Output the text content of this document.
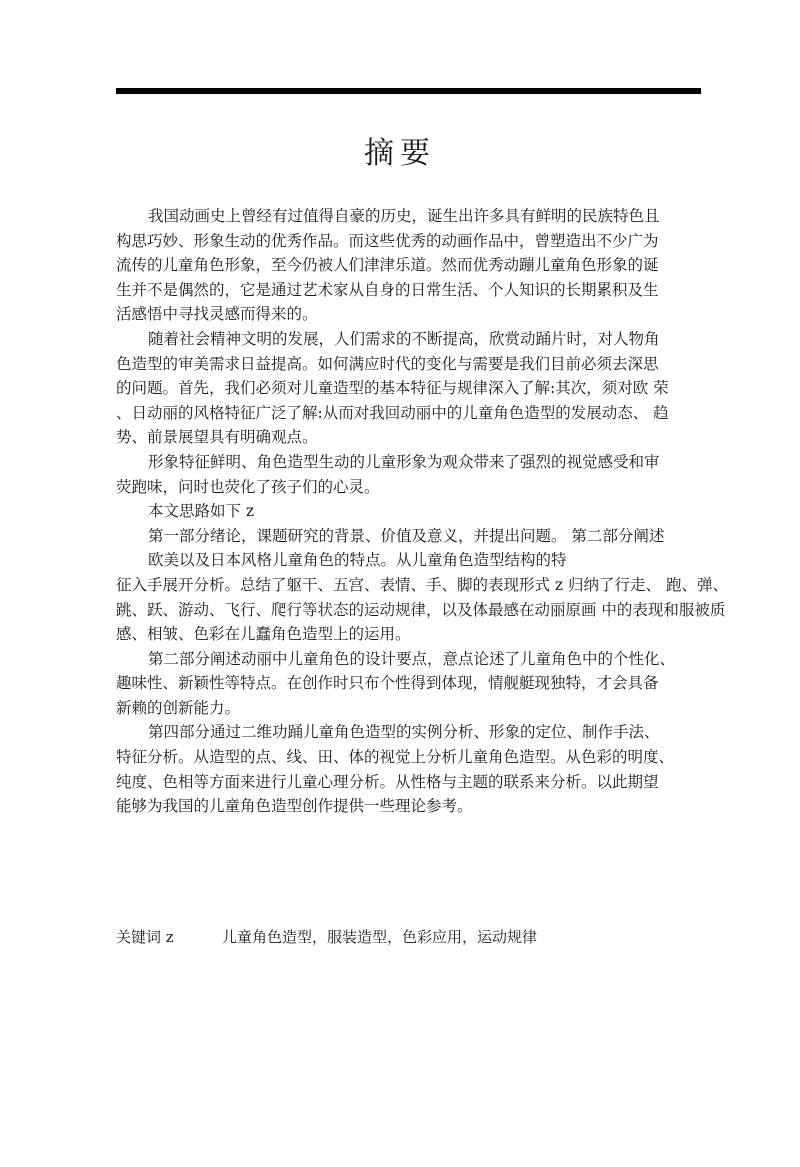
摘要
我国动画史上曾经有过值得自豪的历史，诞生出许多具有鲜明的民族特色且
构思巧妙、形象生动的优秀作品。而这些优秀的动画作品中，曾塑造出不少广为
流传的儿童角色形象，至今仍被人们津津乐道。然而优秀动蹦儿童角色形象的诞
生并不是偶然的，它是通过艺术家从自身的日常生活、个人知识的长期累积及生
活感悟中寻找灵感而得来的。
随着社会精神文明的发展，人们需求的不断提高，欣赏动踊片时，对人物角
色造型的审美需求日益提高。如何满应时代的变化与需要是我们目前必须去深思
的问题。首先，我们必须对儿童造型的基本特征与规律深入了解:其次，须对欧 荣
、日动丽的风格特征广泛了解:从而对我回动丽中的儿童角色造型的发展动态、 趋
势、前景展望具有明确观点。
形象特征鲜明、角色造型生动的儿童形象为观众带来了强烈的视觉感受和审
荧跑味，问时也荧化了孩子们的心灵。
本文思路如下 z
第一部分绪论，课题研究的背景、价值及意义，并提出问题。 第二部分阐述
欧美以及日本风格儿童角色的特点。从儿童角色造型结构的特
征入手展开分析。总结了躯干、五宫、表情、手、脚的表现形式 z 归纳了行走、 跑、弹、
跳、跃、游动、飞行、爬行等状态的运动规律，以及体最感在动丽原画 中的表现和服被质
感、相皱、色彩在儿蠢角色造型上的运用。
第二部分阐述动丽中儿童角色的设计要点，意点论述了儿童角色中的个性化、
趣味性、新颖性等特点。在创作时只布个性得到体现，情舰艇现独特，才会具备
新赖的创新能力。
第四部分通过二维功踊儿童角色造型的实例分析、形象的定位、制作手法、
特征分析。从造型的点、线、田、体的视觉上分析儿童角色造型。从色彩的明度、
纯度、色相等方面来进行儿童心理分析。从性格与主题的联系来分析。以此期望
能够为我国的儿童角色造型创作提供一些理论参考。
关键词 z	儿童角色造型，服装造型，色彩应用，运动规律
